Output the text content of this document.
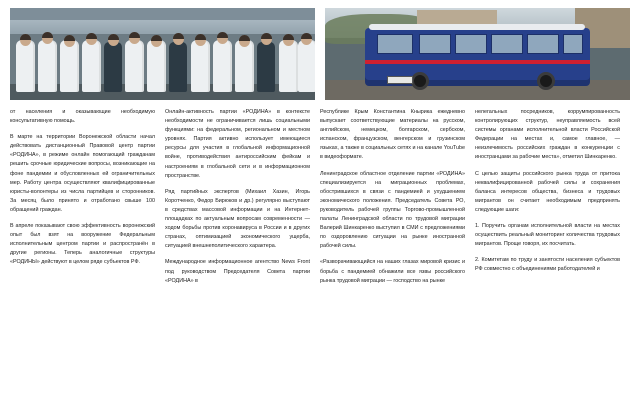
от населения и оказывающие необходимую консультативную помощь.

В марте на территории Воронежской области начал действовать дистанционный Правовой центр партии «РОДИНА», в режиме онлайн помогающий гражданам решить срочные юридические вопросы, возникающие на фоне пандемии и обусловленных ей ограничительных мер. Работу центра осуществляют квалифицированные юристы-волонтеры из числа партийцев и сторонников. За месяц было принято и отработано свыше 100 обращений граждан.

В апреле показывают свою эффективность воронежский опыт был взят на вооружение Федеральным исполнительным центром партии и распространён в другие регионы. Теперь аналогичные структуры «РОДИНЫ» действуют в целом ряде субъектов РФ.

Онлайн-активность партии «РОДИНА» в контексте необходимости не ограничивается лишь социальными функциями: на федеральном, региональном и местном уровнях. Партия активно использует имеющиеся ресурсы для участия в глобальной информационной войне, противодействия антироссийским фейкам и настроениям в глобальной сети и в информационном пространстве.

Ряд партийных экспертов (Михаил Хазин, Игорь Коротченко, Федор Бирюков и др.) регулярно выступают в средствах массовой информации и на Интернет-площадках по актуальным вопросам современности — ходом борьбы против коронавируса в России и в других странах, оптимизацией экономического ущерба, ситуацией внешнеполитического характера.

Международное информационное агентство News Front под руководством Председателя Совета партии «РОДИНА» в

Республике Крым Константина Кнырика ежедневно выпускает соответствующие материалы на русском, английском, немецком, болгарском, сербском, испанском, французском, венгерском и грузинском языках, а также в социальных сетях и на канале YouTube в видеоформате.

Ленинградское областное отделение партии «РОДИНА» специализируется на миграционных проблемах, обострившихся в связи с пандемией и ухудшением экономического положения. Председатель Совета РО, руководитель рабочей группы Торгово-промышленной палаты Ленинградской области по трудовой миграции Валерий Шинкаренко выступил в СМИ с предложениями по оздоровлению ситуации на рынке иностранной рабочей силы.

«Разворачивающийся на наших глазах мировой кризис и борьба с пандемией обнажили все язвы российского рынка трудовой миграции — господство на рынке

нелегальных посредников, коррумпированность контролирующих структур, неуправляемость всей системы органами исполнительной власти Российской Федерации на местах и, самое главное, — неизлечимость российских граждан в конкуренции с иностранцами за рабочие места», отметил Шинкаренко.

С целью защиты российского рынка труда от притока неквалифицированной рабочей силы и сохранения баланса интересов общества, бизнеса и трудовых мигрантов он считает необходимым предпринять следующие шаги:

1. Поручить органам исполнительной власти на местах осуществить реальный мониторинг количества трудовых мигрантов. Проще говоря, их посчитать.

2. Комитетам по труду и занятости населения субъектов РФ совместно с объединениями работодателей и
